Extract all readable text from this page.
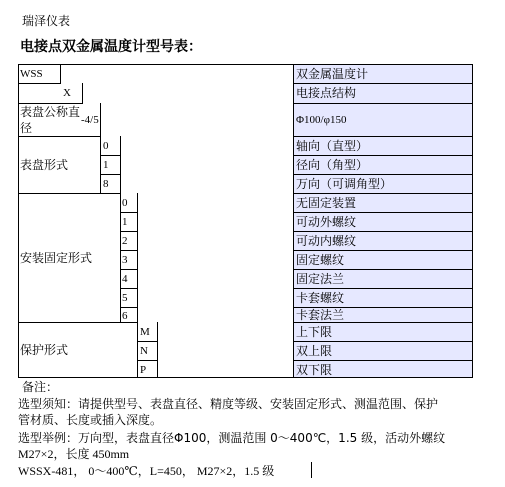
瑞泽仪表
电接点双金属温度计型号表：
WSS
X
表盘公称直径
-4/5
表盘形式
0
1
8
安装固定形式
0
1
2
3
4
5
6
保护形式
M
N
P
双金属温度计
电接点结构
Φ100/φ150
轴向（直型）
径向（角型）
万向（可调角型）
无固定装置
可动外螺纹
可动内螺纹
固定螺纹
固定法兰
卡套螺纹
卡套法兰
上下限
双上限
双下限
备注：
选型须知：请提供型号、表盘直径、精度等级、安装固定形式、测温范围、保护
管材质、长度或插入深度。
选型举例：万向型，表盘直径Φ100，测温范围 0～400℃，1.5 级，活动外螺纹
M27×2，长度 450mm
WSSX-481， 0～400℃，L=450， M27×2，1.5 级
